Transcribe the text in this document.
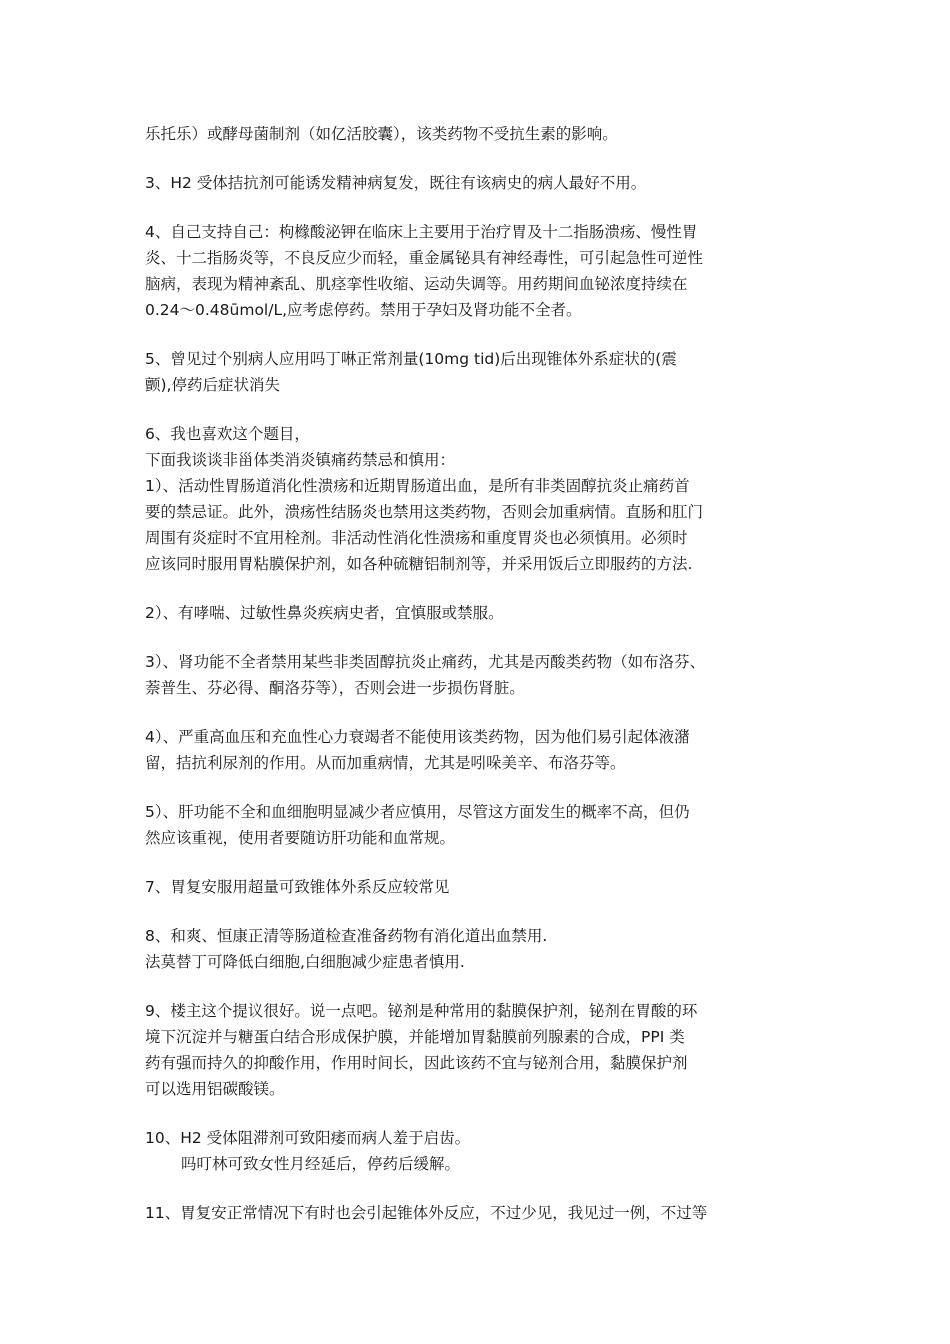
乐托乐）或酵母菌制剂（如亿活胶囊），该类药物不受抗生素的影响。
3、H2 受体拮抗剂可能诱发精神病复发，既往有该病史的病人最好不用。
4、自己支持自己：枸橼酸泌钾在临床上主要用于治疗胃及十二指肠溃疡、慢性胃
炎、十二指肠炎等，不良反应少而轻，重金属铋具有神经毒性，可引起急性可逆性
脑病，表现为精神紊乱、肌痉挛性收缩、运动失调等。用药期间血铋浓度持续在
0.24～0.48ūmol/L,应考虑停药。禁用于孕妇及肾功能不全者。
5、曾见过个别病人应用吗丁啉正常剂量(10mg tid)后出现锥体外系症状的(震
颤),停药后症状消失
6、我也喜欢这个题目，
下面我谈谈非甾体类消炎镇痛药禁忌和慎用：
1）、活动性胃肠道消化性溃疡和近期胃肠道出血，是所有非类固醇抗炎止痛药首
要的禁忌证。此外，溃疡性结肠炎也禁用这类药物，否则会加重病情。直肠和肛门
周围有炎症时不宜用栓剂。非活动性消化性溃疡和重度胃炎也必须慎用。必须时
应该同时服用胃粘膜保护剂，如各种硫糖铝制剂等，并采用饭后立即服药的方法.
2）、有哮喘、过敏性鼻炎疾病史者，宜慎服或禁服。
3）、肾功能不全者禁用某些非类固醇抗炎止痛药，尤其是丙酸类药物（如布洛芬、
萘普生、芬必得、酮洛芬等），否则会进一步损伤肾脏。
4）、严重高血压和充血性心力衰竭者不能使用该类药物，因为他们易引起体液潴
留，拮抗利尿剂的作用。从而加重病情，尤其是吲哚美辛、布洛芬等。
5）、肝功能不全和血细胞明显减少者应慎用，尽管这方面发生的概率不高，但仍
然应该重视，使用者要随访肝功能和血常规。
7、胃复安服用超量可致锥体外系反应较常见
8、和爽、恒康正清等肠道检查准备药物有消化道出血禁用.
法莫替丁可降低白细胞,白细胞减少症患者慎用.
9、楼主这个提议很好。说一点吧。铋剂是种常用的黏膜保护剂，铋剂在胃酸的环
境下沉淀并与糖蛋白结合形成保护膜，并能增加胃黏膜前列腺素的合成，PPI 类
药有强而持久的抑酸作用，作用时间长，因此该药不宜与铋剂合用，黏膜保护剂
可以选用铝碳酸镁。
10、H2 受体阻滞剂可致阳痿而病人羞于启齿。
吗叮林可致女性月经延后，停药后缓解。
11、胃复安正常情况下有时也会引起锥体外反应，不过少见，我见过一例，不过等
